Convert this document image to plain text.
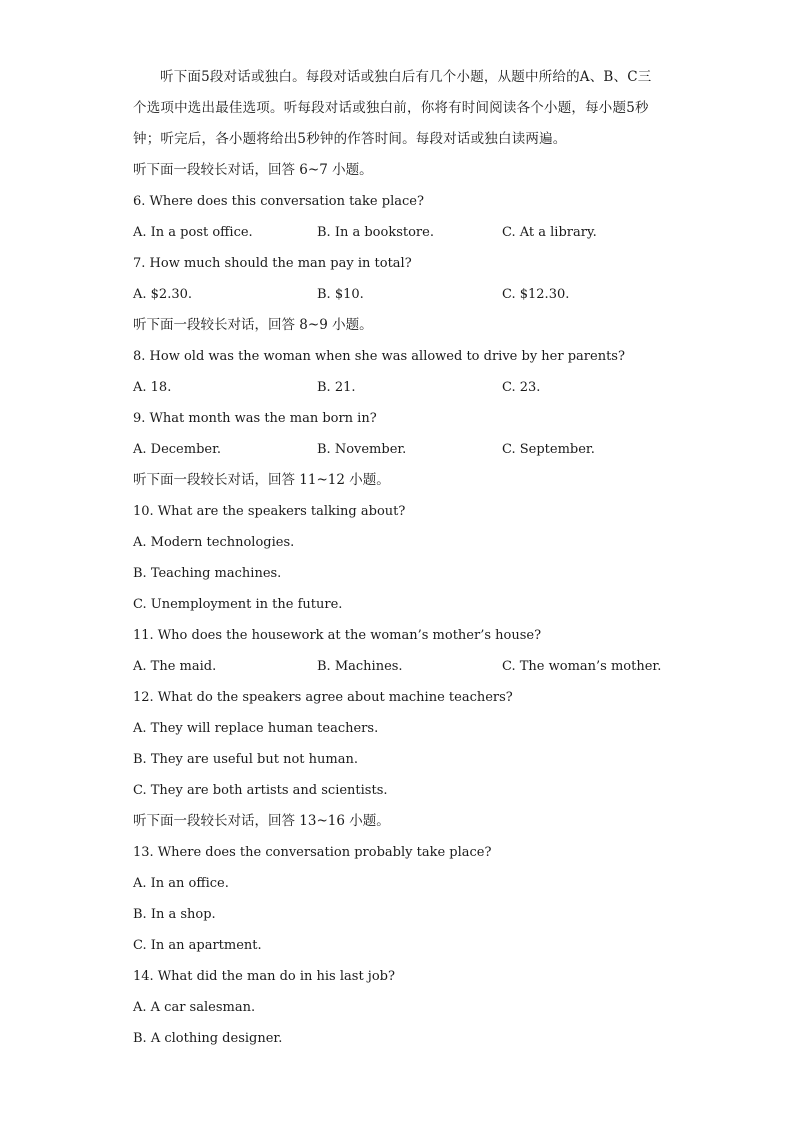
听下面5段对话或独白。每段对话或独白后有几个小题，从题中所给的A、B、C三个选项中选出最佳选项。听每段对话或独白前，你将有时间阅读各个小题，每小题5秒钟；听完后，各小题将给出5秒钟的作答时间。每段对话或独白读两遍。

听下面一段较长对话，回答 6~7 小题。
6. Where does this conversation take place?
A. In a post office.	B. In a bookstore.	C. At a library.
7. How much should the man pay in total?
A. $2.30.	B. $10.	C. $12.30.
听下面一段较长对话，回答 8~9 小题。
8. How old was the woman when she was allowed to drive by her parents?
A. 18.	B. 21.	C. 23.
9. What month was the man born in?
A. December.	B. November.	C. September.
听下面一段较长对话，回答 11~12 小题。
10. What are the speakers talking about?
A. Modern technologies.
B. Teaching machines.
C. Unemployment in the future.
11. Who does the housework at the woman’s mother’s house?
A. The maid.	B. Machines.	C. The woman’s mother.
12. What do the speakers agree about machine teachers?
A. They will replace human teachers.
B. They are useful but not human.
C. They are both artists and scientists.
听下面一段较长对话，回答 13~16 小题。
13. Where does the conversation probably take place?
A. In an office.
B. In a shop.
C. In an apartment.
14. What did the man do in his last job?
A. A car salesman.
B. A clothing designer.
